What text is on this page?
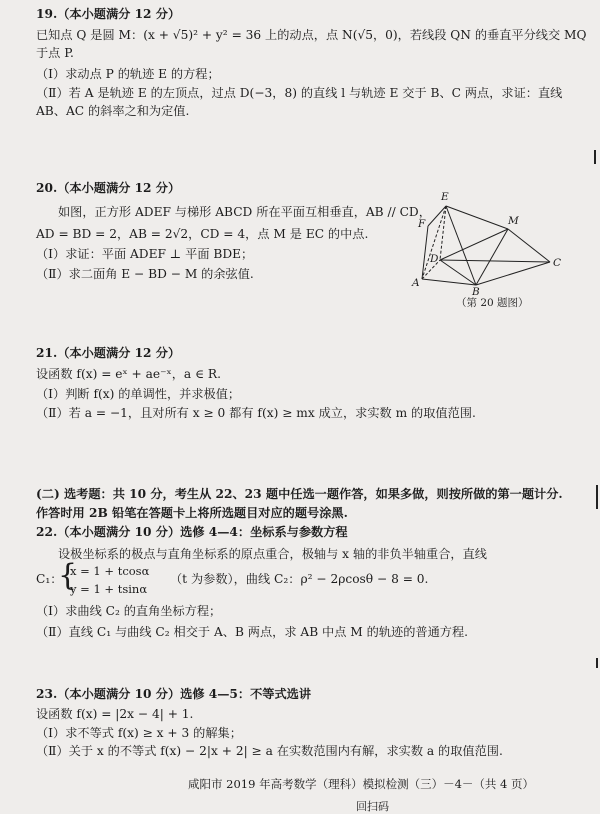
19.（本小题满分 12 分）
已知点 Q 是圆 M：(x + √5)² + y² = 36 上的动点，点 N(√5，0)，若线段 QN 的垂直平分线交 MQ
于点 P.
（Ⅰ）求动点 P 的轨迹 E 的方程；
（Ⅱ）若 A 是轨迹 E 的左顶点，过点 D(−3，8) 的直线 l 与轨迹 E 交于 B、C 两点，求证：直线
AB、AC 的斜率之和为定值.
20.（本小题满分 12 分）
如图，正方形 ADEF 与梯形 ABCD 所在平面互相垂直，AB // CD，
AD = BD = 2，AB = 2√2，CD = 4，点 M 是 EC 的中点.
（Ⅰ）求证：平面 ADEF ⊥ 平面 BDE；
（Ⅱ）求二面角 E − BD − M 的余弦值.
E
F	M
D
A
B
C
（第 20 题图）
21.（本小题满分 12 分）
设函数 f(x) = eˣ + ae⁻ˣ，a ∈ R.
（Ⅰ）判断 f(x) 的单调性，并求极值；
（Ⅱ）若 a = −1，且对所有 x ≥ 0 都有 f(x) ≥ mx 成立，求实数 m 的取值范围.
(二) 选考题：共 10 分，考生从 22、23 题中任选一题作答，如果多做，则按所做的第一题计分.
作答时用 2B 铅笔在答题卡上将所选题目对应的题号涂黑.
22.（本小题满分 10 分）选修 4—4：坐标系与参数方程
设极坐标系的极点与直角坐标系的原点重合，极轴与 x 轴的非负半轴重合，直线
C₁：
{
x = 1 + tcosα
y = 1 + tsinα
（t 为参数），曲线 C₂：ρ² − 2ρcosθ − 8 = 0.
（Ⅰ）求曲线 C₂ 的直角坐标方程；
（Ⅱ）直线 C₁ 与曲线 C₂ 相交于 A、B 两点，求 AB 中点 M 的轨迹的普通方程.
23.（本小题满分 10 分）选修 4—5：不等式选讲
设函数 f(x) = |2x − 4| + 1.
（Ⅰ）求不等式 f(x) ≥ x + 3 的解集；
（Ⅱ）关于 x 的不等式 f(x) − 2|x + 2| ≥ a 在实数范围内有解，求实数 a 的取值范围.
咸阳市 2019 年高考数学（理科）模拟检测（三）－4－（共 4 页）
回扫码
